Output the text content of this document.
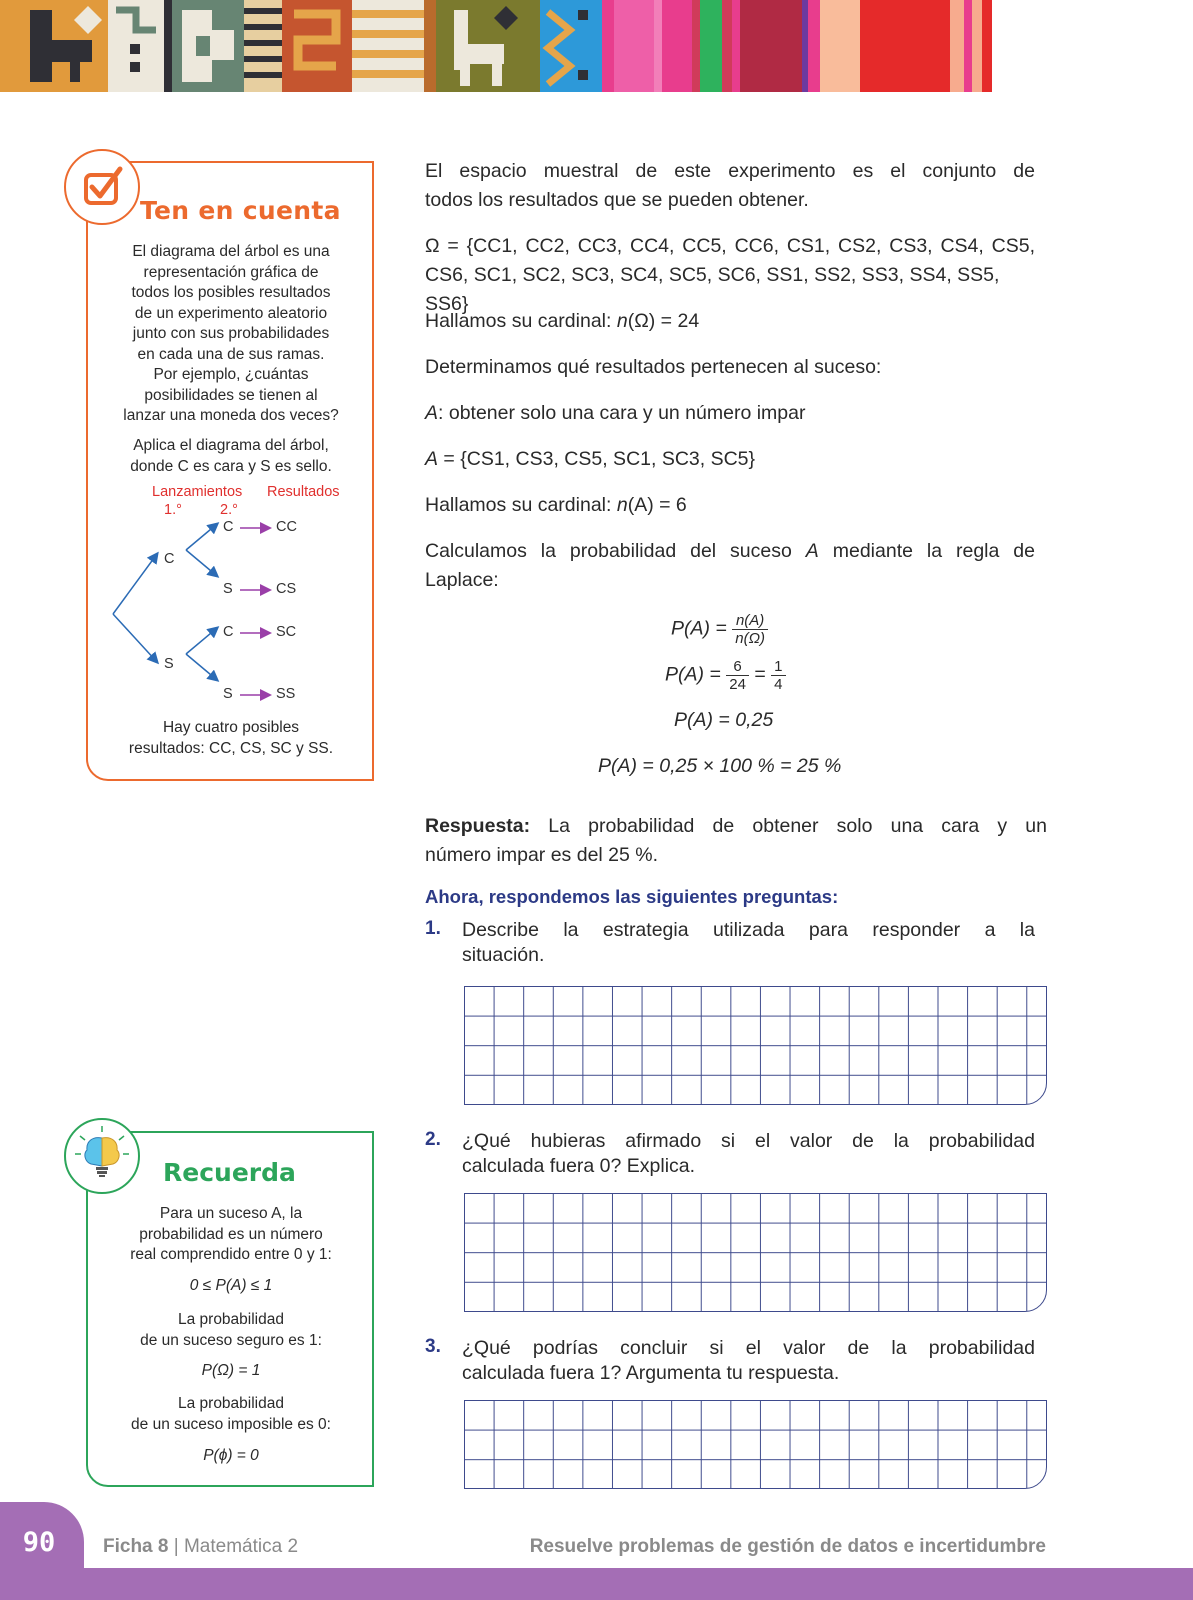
Ten en cuenta
El diagrama del árbol es una
representación gráfica de
todos los posibles resultados
de un experimento aleatorio
junto con sus probabilidades
en cada una de sus ramas.
Por ejemplo, ¿cuántas
posibilidades se tienen al
lanzar una moneda dos veces?
Aplica el diagrama del árbol,
donde C es cara y S es sello.
Lanzamientos Resultados
1.°	2.°
C
S
C
S
C
S
CC
CS
SC
SS
Hay cuatro posibles
resultados: CC, CS, SC y SS.
Recuerda
Para un suceso A, la
probabilidad es un número
real comprendido entre 0 y 1:
0 ≤ P(A) ≤ 1
La probabilidad
de un suceso seguro es 1:
P(Ω) = 1
La probabilidad
de un suceso imposible es 0:
P(ϕ) = 0
El espacio muestral de este experimento es el conjunto de
todos los resultados que se pueden obtener.
Ω = {CC1, CC2, CC3, CC4, CC5, CC6, CS1, CS2, CS3, CS4, CS5,
CS6, SC1, SC2, SC3, SC4, SC5, SC6, SS1, SS2, SS3, SS4, SS5, SS6}
Hallamos su cardinal: n(Ω) = 24
Determinamos qué resultados pertenecen al suceso:
A: obtener solo una cara y un número impar
A = {CS1, CS3, CS5, SC1, SC3, SC5}
Hallamos su cardinal: n(A) = 6
Calculamos la probabilidad del suceso A mediante la regla de
Laplace:
$P(A) = \frac{n(A)}{n(\Omega)}$
$P(A) = \frac{6}{24} = \frac{1}{4}$
P(A) = 0,25
P(A) = 0,25 × 100 % = 25 %
Respuesta: La probabilidad de obtener solo una cara y un
número impar es del 25 %.
Ahora, respondemos las siguientes preguntas:
1. Describe la estrategia utilizada para responder a la
situación.
2. ¿Qué hubieras afirmado si el valor de la probabilidad
calculada fuera 0? Explica.
3. ¿Qué podrías concluir si el valor de la probabilidad
calculada fuera 1? Argumenta tu respuesta.
90	Ficha 8 | Matemática 2	Resuelve problemas de gestión de datos e incertidumbre
